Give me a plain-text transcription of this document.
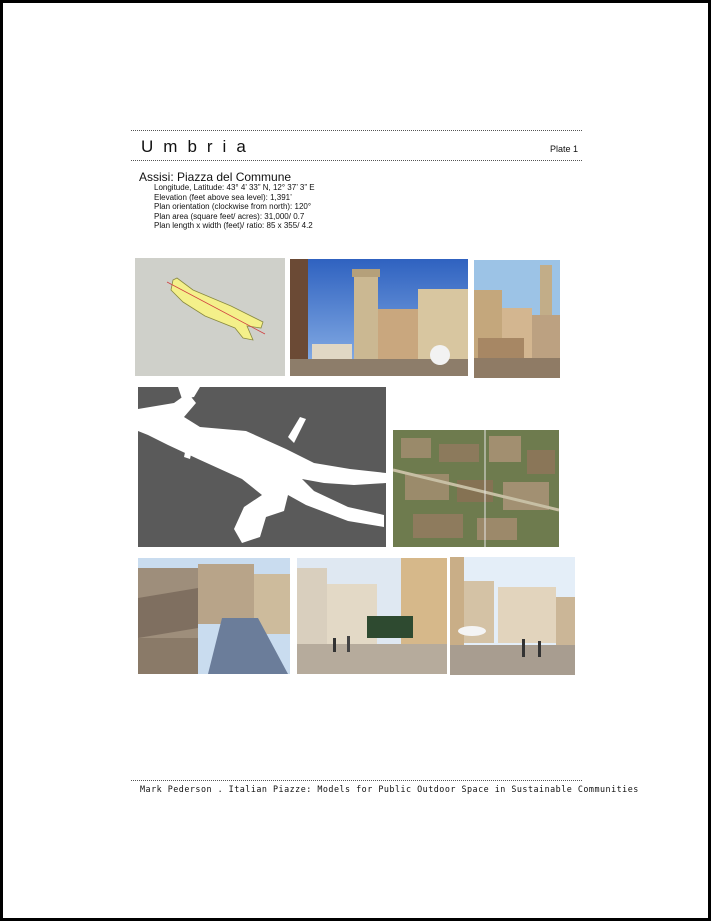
Umbria	Plate 1
Assisi: Piazza del Commune
Longitude, Latitude: 43° 4’ 33” N, 12° 37’ 3” E
Elevation (feet above sea level): 1,391’
Plan orientation (clockwise from north): 120°
Plan area (square feet/ acres): 31,000/ 0.7
Plan length x width (feet)/ ratio: 85 x 355/ 4.2
Mark Pederson . Italian Piazze: Models for Public Outdoor Space in Sustainable Communities
